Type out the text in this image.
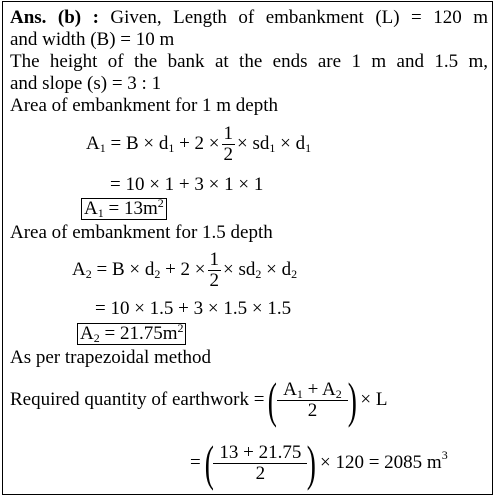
Ans. (b) : Given, Length of embankment (L) = 120 m
and width (B) = 10 m
The height of the bank at the ends are 1 m and 1.5 m,
and slope (s) = 3 : 1
Area of embankment for 1 m depth
$A_1 = B \times d_1 + 2 \times \frac{1}{2} \times sd_1 \times d_1$
= 10 × 1 + 3 × 1 × 1
$A_1 = 13m^2$
Area of embankment for 1.5 depth
$A_2 = B \times d_2 + 2 \times \frac{1}{2} \times sd_2 \times d_2$
= 10 × 1.5 + 3 × 1.5 × 1.5
$A_2 = 21.75m^2$
As per trapezoidal method
Required quantity of earthwork =( $\frac{A_1 + A_2}{2}$ ) × L
=( $\frac{13 + 21.75}{2}$ ) × 120 = 2085 $m^3$
